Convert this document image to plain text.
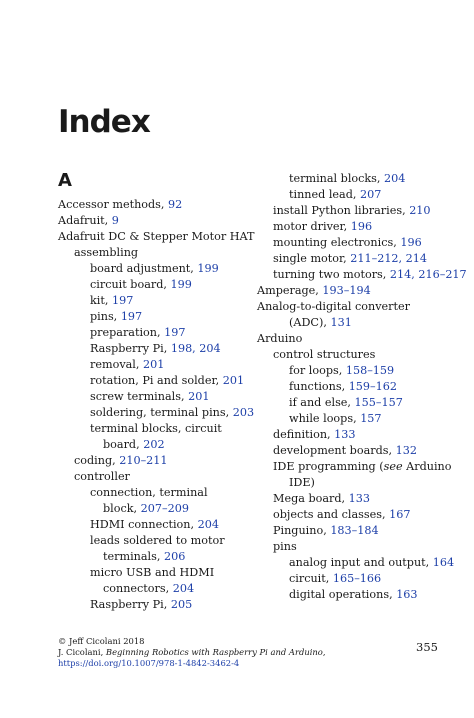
Index
A
Accessor methods, 92
Adafruit, 9
Adafruit DC & Stepper Motor HAT
assembling
board adjustment, 199
circuit board, 199
kit, 197
pins, 197
preparation, 197
Raspberry Pi, 198, 204
removal, 201
rotation, Pi and solder, 201
screw terminals, 201
soldering, terminal pins, 203
terminal blocks, circuit
board, 202
coding, 210–211
controller
connection, terminal
block, 207–209
HDMI connection, 204
leads soldered to motor
terminals, 206
micro USB and HDMI
connectors, 204
Raspberry Pi, 205
terminal blocks, 204
tinned lead, 207
install Python libraries, 210
motor driver, 196
mounting electronics, 196
single motor, 211–212, 214
turning two motors, 214, 216–217
Amperage, 193–194
Analog-to-digital converter
(ADC), 131
Arduino
control structures
for loops, 158–159
functions, 159–162
if and else, 155–157
while loops, 157
definition, 133
development boards, 132
IDE programming (see Arduino
IDE)
Mega board, 133
objects and classes, 167
Pinguino, 183–184
pins
analog input and output, 164
circuit, 165–166
digital operations, 163
© Jeff Cicolani 2018
J. Cicolani, Beginning Robotics with Raspberry Pi and Arduino,
https://doi.org/10.1007/978-1-4842-3462-4
355
